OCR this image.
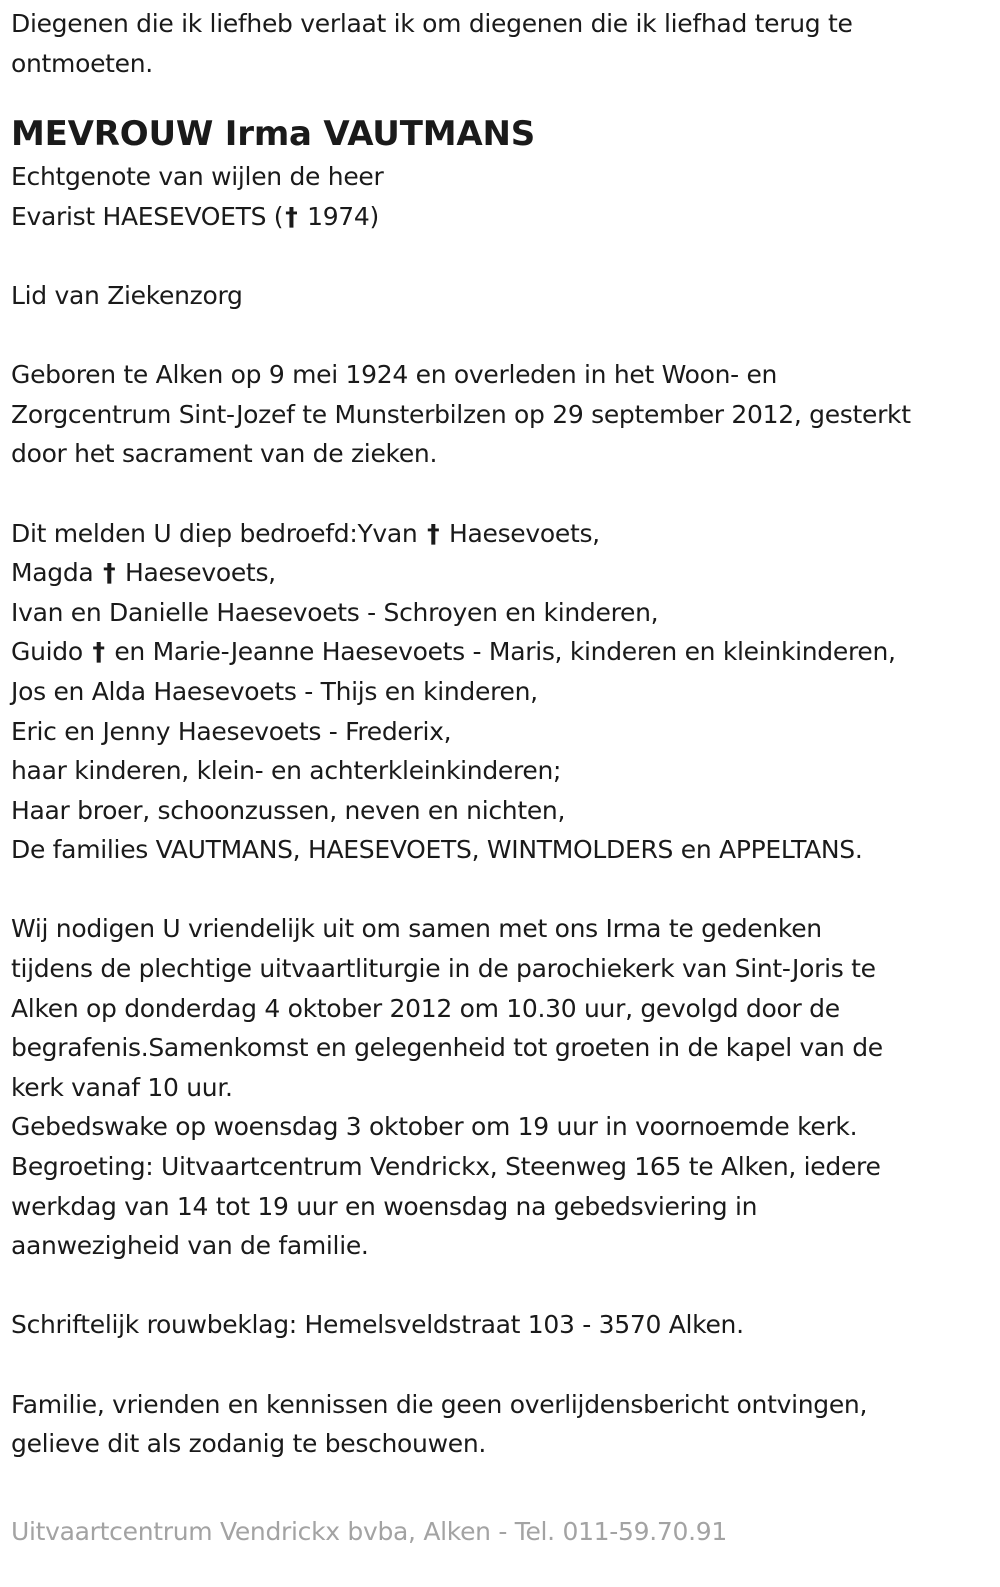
Diegenen die ik liefheb verlaat ik om diegenen die ik liefhad terug te
ontmoeten.
MEVROUW Irma VAUTMANS
Echtgenote van wijlen de heer
Evarist HAESEVOETS († 1974)
Lid van Ziekenzorg
Geboren te Alken op 9 mei 1924 en overleden in het Woon- en
Zorgcentrum Sint-Jozef te Munsterbilzen op 29 september 2012, gesterkt
door het sacrament van de zieken.
Dit melden U diep bedroefd:Yvan † Haesevoets,
Magda † Haesevoets,
Ivan en Danielle Haesevoets - Schroyen en kinderen,
Guido † en Marie-Jeanne Haesevoets - Maris, kinderen en kleinkinderen,
Jos en Alda Haesevoets - Thijs en kinderen,
Eric en Jenny Haesevoets - Frederix,
haar kinderen, klein- en achterkleinkinderen;
Haar broer, schoonzussen, neven en nichten,
De families VAUTMANS, HAESEVOETS, WINTMOLDERS en APPELTANS.
Wij nodigen U vriendelijk uit om samen met ons Irma te gedenken
tijdens de plechtige uitvaartliturgie in de parochiekerk van Sint-Joris te
Alken op donderdag 4 oktober 2012 om 10.30 uur, gevolgd door de
begrafenis.Samenkomst en gelegenheid tot groeten in de kapel van de
kerk vanaf 10 uur.
Gebedswake op woensdag 3 oktober om 19 uur in voornoemde kerk.
Begroeting: Uitvaartcentrum Vendrickx, Steenweg 165 te Alken, iedere
werkdag van 14 tot 19 uur en woensdag na gebedsviering in
aanwezigheid van de familie.
Schriftelijk rouwbeklag: Hemelsveldstraat 103 - 3570 Alken.
Familie, vrienden en kennissen die geen overlijdensbericht ontvingen,
gelieve dit als zodanig te beschouwen.
Uitvaartcentrum Vendrickx bvba, Alken - Tel. 011-59.70.91
